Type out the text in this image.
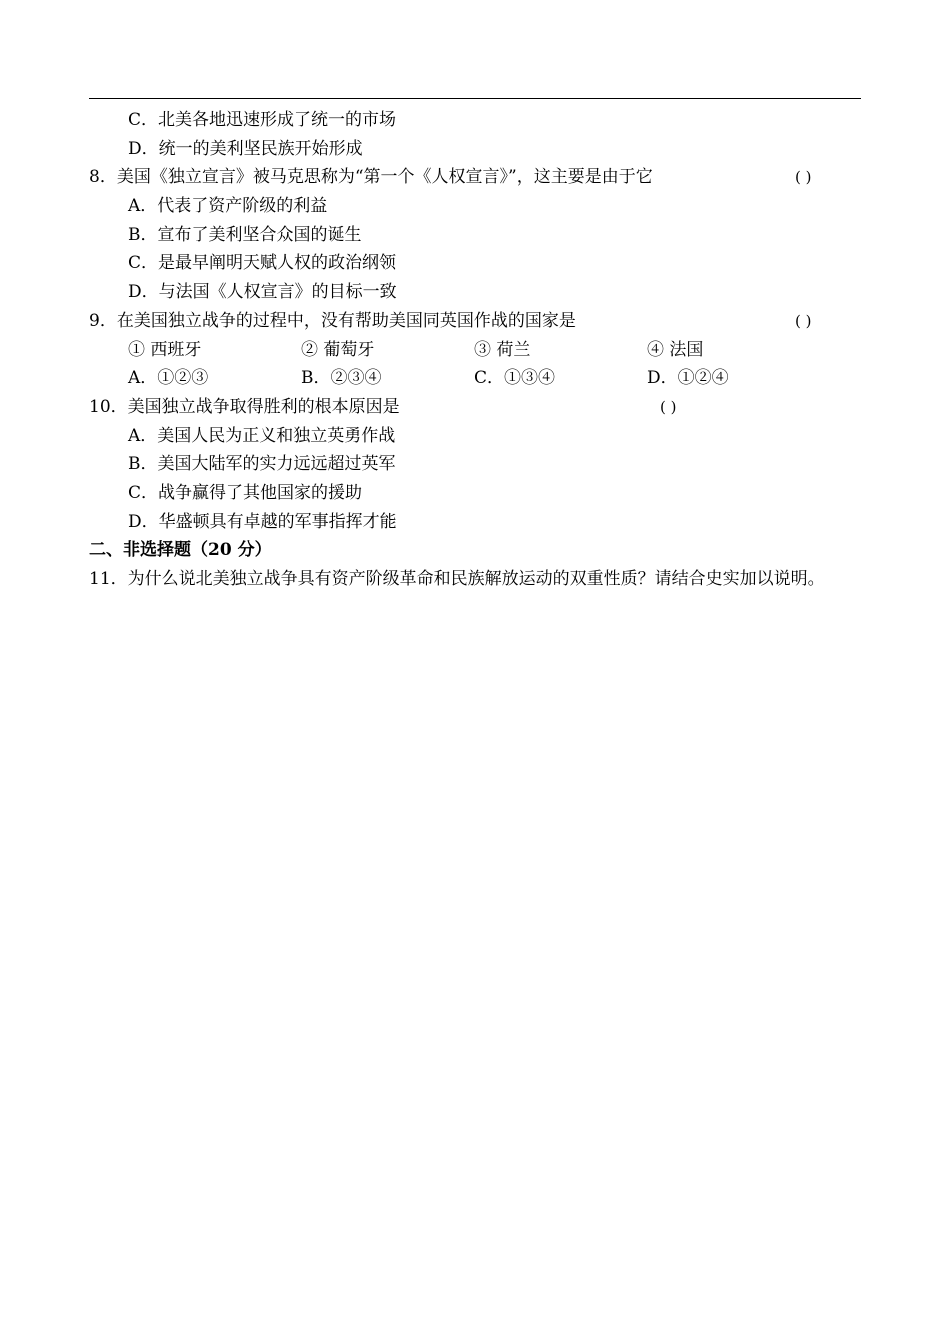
C．北美各地迅速形成了统一的市场
D．统一的美利坚民族开始形成
8．美国《独立宣言》被马克思称为“第一个《人权宣言》”，这主要是由于它	( )
A．代表了资产阶级的利益
B．宣布了美利坚合众国的诞生
C．是最早阐明天赋人权的政治纲领
D．与法国《人权宣言》的目标一致
9．在美国独立战争的过程中，没有帮助美国同英国作战的国家是	( )
① 西班牙	② 葡萄牙	③ 荷兰	④ 法国
A．①②③	B．②③④	C．①③④	D．①②④
10．美国独立战争取得胜利的根本原因是	( )
A．美国人民为正义和独立英勇作战
B．美国大陆军的实力远远超过英军
C．战争赢得了其他国家的援助
D．华盛顿具有卓越的军事指挥才能
二、非选择题（20 分）
11．为什么说北美独立战争具有资产阶级革命和民族解放运动的双重性质？请结合史实加以说明。
